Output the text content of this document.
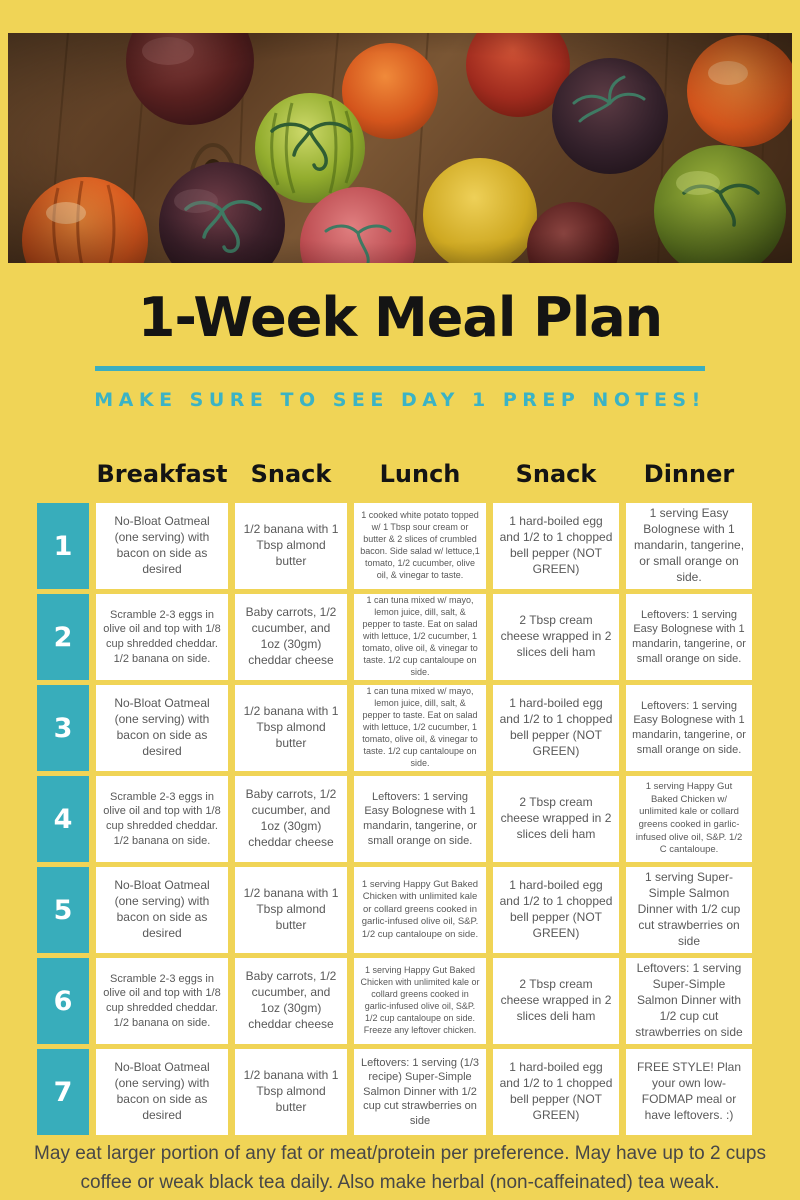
1-Week Meal Plan
MAKE SURE TO SEE DAY 1 PREP NOTES!
Breakfast Snack	Lunch	Snack	Dinner
1
No-Bloat Oatmeal (one serving) with bacon on side as desired
1/2 banana with 1 Tbsp almond butter
1 cooked white potato topped w/ 1 Tbsp sour cream or butter & 2 slices of crumbled bacon. Side salad w/ lettuce,1 tomato, 1/2 cucumber, olive oil, & vinegar to taste.
1 hard-boiled egg and 1/2 to 1 chopped bell pepper (NOT GREEN)
1 serving Easy Bolognese with 1 mandarin, tangerine, or small orange on side.
2
Scramble 2-3 eggs in olive oil and top with 1/8 cup shredded cheddar. 1/2 banana on side.
Baby carrots, 1/2 cucumber, and 1oz (30gm) cheddar cheese
1 can tuna mixed w/ mayo, lemon juice, dill, salt, & pepper to taste. Eat on salad with lettuce, 1/2 cucumber, 1 tomato, olive oil, & vinegar to taste. 1/2 cup cantaloupe on side.
2 Tbsp cream cheese wrapped in 2 slices deli ham
Leftovers: 1 serving Easy Bolognese with 1 mandarin, tangerine, or small orange on side.
3
No-Bloat Oatmeal (one serving) with bacon on side as desired
1/2 banana with 1 Tbsp almond butter
1 can tuna mixed w/ mayo, lemon juice, dill, salt, & pepper to taste. Eat on salad with lettuce, 1/2 cucumber, 1 tomato, olive oil, & vinegar to taste. 1/2 cup cantaloupe on side.
1 hard-boiled egg and 1/2 to 1 chopped bell pepper (NOT GREEN)
Leftovers: 1 serving Easy Bolognese with 1 mandarin, tangerine, or small orange on side.
4
Scramble 2-3 eggs in olive oil and top with 1/8 cup shredded cheddar. 1/2 banana on side.
Baby carrots, 1/2 cucumber, and 1oz (30gm) cheddar cheese
Leftovers: 1 serving Easy Bolognese with 1 mandarin, tangerine, or small orange on side.
2 Tbsp cream cheese wrapped in 2 slices deli ham
1 serving Happy Gut Baked Chicken w/ unlimited kale or collard greens cooked in garlic-infused olive oil, S&P. 1/2 C cantaloupe.
5
No-Bloat Oatmeal (one serving) with bacon on side as desired
1/2 banana with 1 Tbsp almond butter
1 serving Happy Gut Baked Chicken with unlimited kale or collard greens cooked in garlic-infused olive oil, S&P. 1/2 cup cantaloupe on side.
1 hard-boiled egg and 1/2 to 1 chopped bell pepper (NOT GREEN)
1 serving Super-Simple Salmon Dinner with 1/2 cup cut strawberries on side
6
Scramble 2-3 eggs in olive oil and top with 1/8 cup shredded cheddar. 1/2 banana on side.
Baby carrots, 1/2 cucumber, and 1oz (30gm) cheddar cheese
1 serving Happy Gut Baked Chicken with unlimited kale or collard greens cooked in garlic-infused olive oil, S&P. 1/2 cup cantaloupe on side. Freeze any leftover chicken.
2 Tbsp cream cheese wrapped in 2 slices deli ham
Leftovers: 1 serving Super-Simple Salmon Dinner with 1/2 cup cut strawberries on side
7
No-Bloat Oatmeal (one serving) with bacon on side as desired
1/2 banana with 1 Tbsp almond butter
Leftovers: 1 serving (1/3 recipe) Super-Simple Salmon Dinner with 1/2 cup cut strawberries on side
1 hard-boiled egg and 1/2 to 1 chopped bell pepper (NOT GREEN)
FREE STYLE! Plan your own low-FODMAP meal or have leftovers. :)
May eat larger portion of any fat or meat/protein per preference. May have up to 2 cups coffee or weak black tea daily. Also make herbal (non-caffeinated) tea weak.
